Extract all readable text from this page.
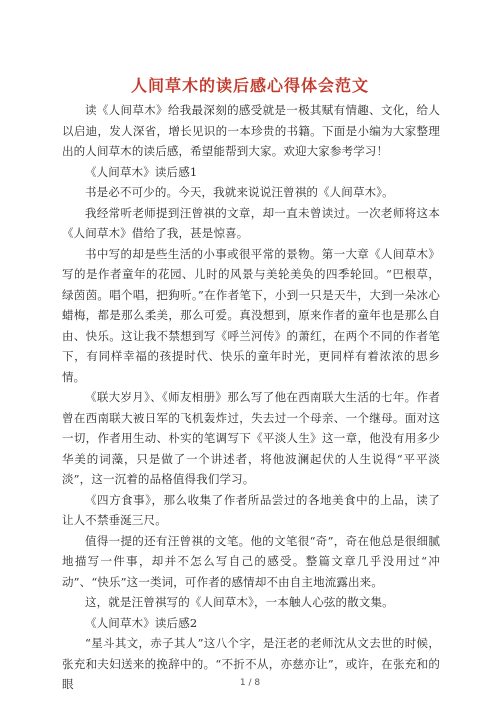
人间草木的读后感心得体会范文

读《人间草木》给我最深刻的感受就是一极其赋有情趣、文化，给人以启迪，发人深省，增长见识的一本珍贵的书籍。下面是小编为大家整理出的人间草木的读后感，希望能帮到大家。欢迎大家参考学习！

《人间草木》读后感1

书是必不可少的。今天，我就来说说汪曾祺的《人间草木》。

我经常听老师提到汪曾祺的文章，却一直未曾读过。一次老师将这本《人间草木》借给了我，甚是惊喜。

书中写的却是些生活的小事或很平常的景物。第一大章《人间草木》写的是作者童年的花园、儿时的风景与美轮美奂的四季轮回。“巴根草，绿茵茵。唱个唱，把狗听。”在作者笔下，小到一只是天牛，大到一朵冰心蜡梅，都是那么柔美，那么可爱。真没想到，原来作者的童年也是那么自由、快乐。这让我不禁想到写《呼兰河传》的萧红，在两个不同的作者笔下，有同样幸福的孩提时代、快乐的童年时光，更同样有着浓浓的思乡情。

《联大岁月》、《师友相册》那么写了他在西南联大生活的七年。作者曾在西南联大被日军的飞机轰炸过，失去过一个母亲、一个继母。面对这一切，作者用生动、朴实的笔调写下《平淡人生》这一章，他没有用多少华美的词藻，只是做了一个讲述者，将他波澜起伏的人生说得“平平淡淡”，这一沉着的品格值得我们学习。

《四方食事》，那么收集了作者所品尝过的各地美食中的上品，读了让人不禁垂涎三尺。

值得一提的还有汪曾祺的文笔。他的文笔很“奇”，奇在他总是很细腻地描写一件事，却并不怎么写自己的感受。整篇文章几乎没用过“冲动”、“快乐”这一类词，可作者的感情却不由自主地流露出来。

这，就是汪曾祺写的《人间草木》，一本触人心弦的散文集。

《人间草木》读后感2

“星斗其文，赤子其人”这八个字，是汪老的老师沈从文去世的时候，张充和夫妇送来的挽辞中的。“不折不从，亦慈亦让”，或许，在张充和的眼	1 / 8
